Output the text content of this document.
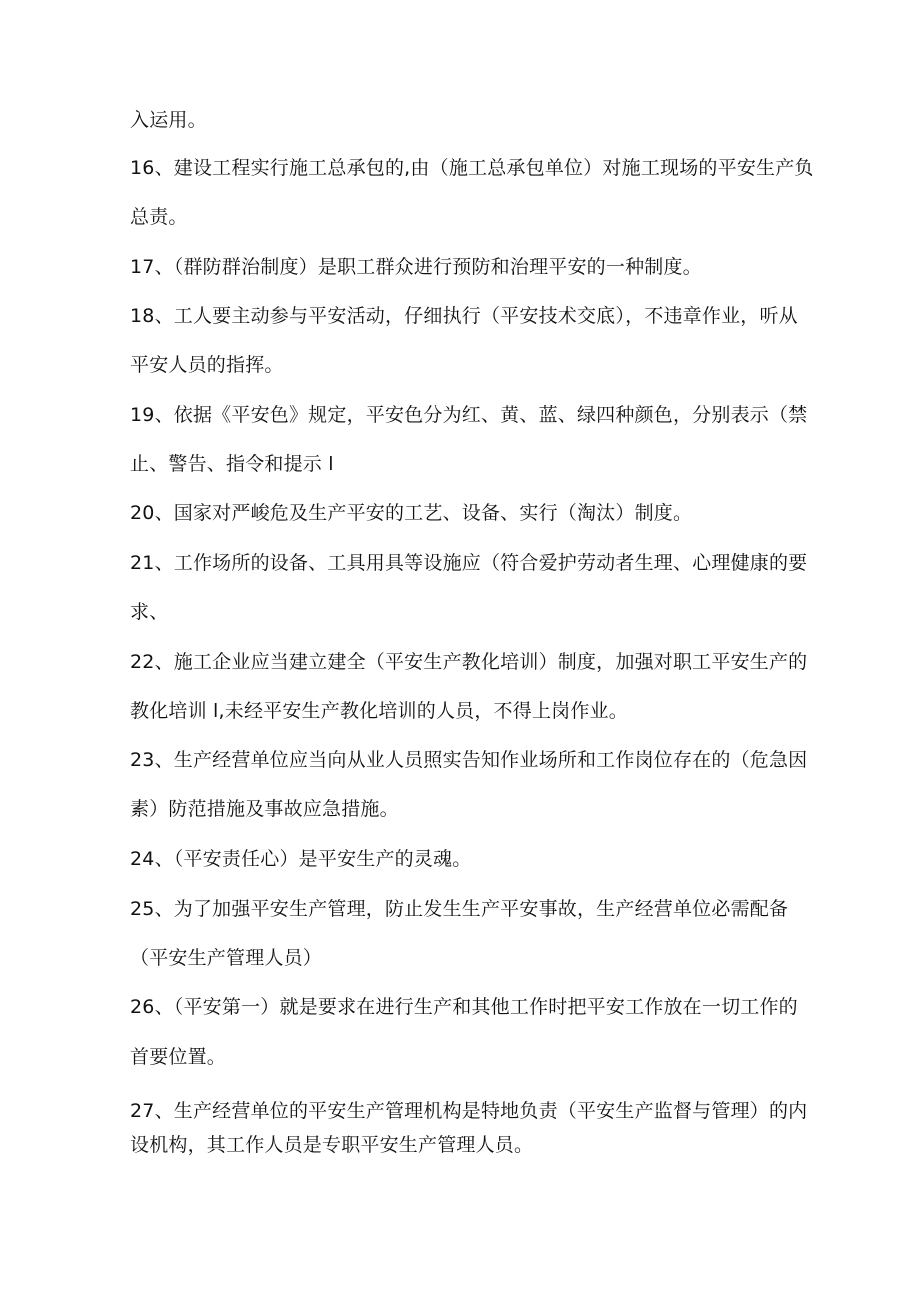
入运用。
16、建设工程实行施工总承包的,由（施工总承包单位）对施工现场的平安生产负
总责。
17、（群防群治制度）是职工群众进行预防和治理平安的一种制度。
18、工人要主动参与平安活动，仔细执行（平安技术交底），不违章作业，听从
平安人员的指挥。
19、依据《平安色》规定，平安色分为红、黄、蓝、绿四种颜色，分别表示（禁
止、警告、指令和提示 l
20、国家对严峻危及生产平安的工艺、设备、实行（淘汰）制度。
21、工作场所的设备、工具用具等设施应（符合爱护劳动者生理、心理健康的要
求、
22、施工企业应当建立建全（平安生产教化培训）制度，加强对职工平安生产的
教化培训 l,未经平安生产教化培训的人员，不得上岗作业。
23、生产经营单位应当向从业人员照实告知作业场所和工作岗位存在的（危急因
素）防范措施及事故应急措施。
24、（平安责任心）是平安生产的灵魂。
25、为了加强平安生产管理，防止发生生产平安事故，生产经营单位必需配备
（平安生产管理人员）
26、（平安第一）就是要求在进行生产和其他工作时把平安工作放在一切工作的
首要位置。
27、生产经营单位的平安生产管理机构是特地负责（平安生产监督与管理）的内
设机构，其工作人员是专职平安生产管理人员。
